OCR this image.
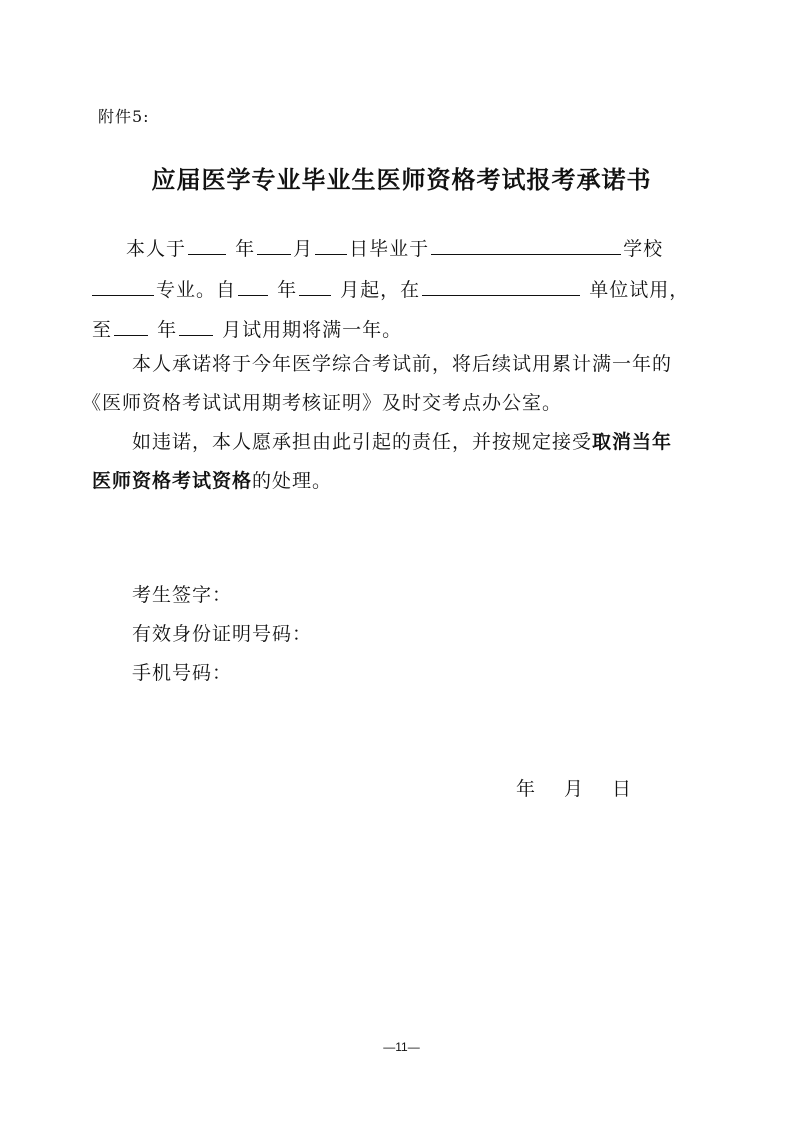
附件5:
应届医学专业毕业生医师资格考试报考承诺书
本人于	年 月 日毕业于	学校
专业。自 年 月起，在	单位试用，
至 年 月试用期将满一年。
本人承诺将于今年医学综合考试前，将后续试用累计满一年的
《医师资格考试试用期考核证明》及时交考点办公室。
如违诺，本人愿承担由此引起的责任，并按规定接受取消当年
医师资格考试资格的处理。
考生签字：
有效身份证明号码：
手机号码：
年 月 日
—11—
